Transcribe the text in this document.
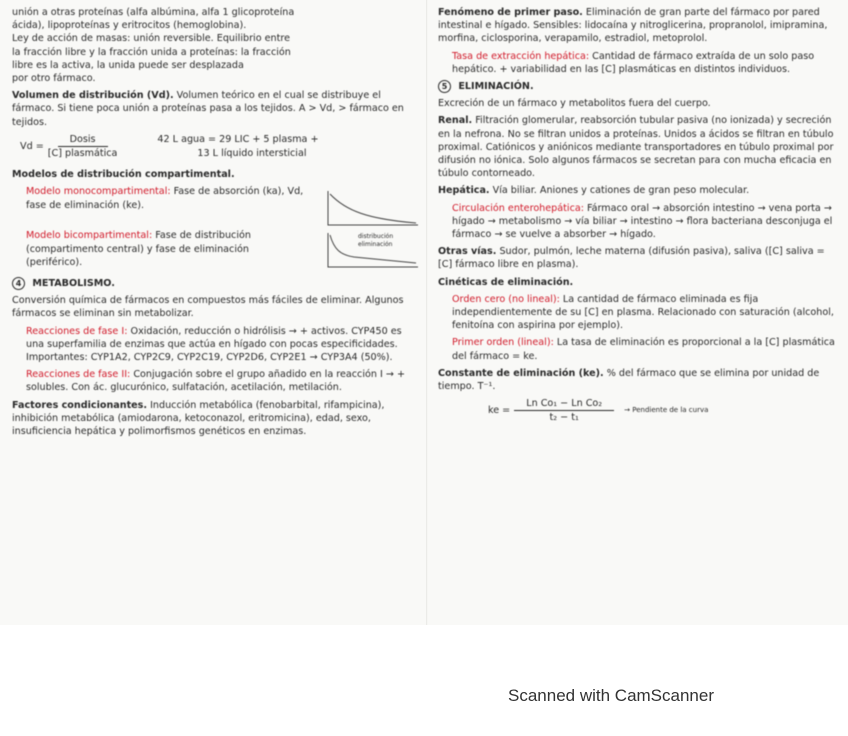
unión a otras proteínas (alfa albúmina, alfa 1 glicoproteína
ácida), lipoproteínas y eritrocitos (hemoglobina).
Ley de acción de masas: unión reversible. Equilibrio entre
la fracción libre y la fracción unida a proteínas: la fracción
libre es la activa, la unida puede ser desplazada
por otro fármaco.

Volumen de distribución (Vd). Volumen teórico en el cual se distribuye el fármaco. Si tiene poca unión a proteínas pasa a los tejidos. A > Vd, > fármaco en tejidos.

$Vd = \frac{\text{Dosis}}{\text{[C] plasmática}}$	42 L agua = 29 LIC + 5 plasma +
13 L líquido intersticial

Modelos de distribución compartimental.

Modelo monocompartimental: Fase de absorción (ka), Vd, fase de eliminación (ke).

Modelo bicompartimental: Fase de distribución (compartimento central) y fase de eliminación (periférico).

distribución
eliminación

4 METABOLISMO.

Conversión química de fármacos en compuestos más fáciles de eliminar. Algunos fármacos se eliminan sin metabolizar.

Reacciones de fase I: Oxidación, reducción o hidrólisis → + activos. CYP450 es una superfamilia de enzimas que actúa en hígado con pocas especificidades. Importantes: CYP1A2, CYP2C9, CYP2C19, CYP2D6, CYP2E1 → CYP3A4 (50%).

Reacciones de fase II: Conjugación sobre el grupo añadido en la reacción I → + solubles. Con ác. glucurónico, sulfatación, acetilación, metilación.

Factores condicionantes. Inducción metabólica (fenobarbital, rifampicina), inhibición metabólica (amiodarona, ketoconazol, eritromicina), edad, sexo, insuficiencia hepática y polimorfismos genéticos en enzimas.

Fenómeno de primer paso. Eliminación de gran parte del fármaco por pared intestinal e hígado. Sensibles: lidocaína y nitroglicerina, propranolol, imipramina, morfina, ciclosporina, verapamilo, estradiol, metoprolol.

Tasa de extracción hepática: Cantidad de fármaco extraída de un solo paso hepático. + variabilidad en las [C] plasmáticas en distintos individuos.

5 ELIMINACIÓN.

Excreción de un fármaco y metabolitos fuera del cuerpo.

Renal. Filtración glomerular, reabsorción tubular pasiva (no ionizada) y secreción en la nefrona. No se filtran unidos a proteínas. Unidos a ácidos se filtran en túbulo proximal. Catiónicos y aniónicos mediante transportadores en túbulo proximal por difusión no iónica. Solo algunos fármacos se secretan para con mucha eficacia en túbulo contorneado.

Hepática. Vía biliar. Aniones y cationes de gran peso molecular.

Circulación enterohepática: Fármaco oral → absorción intestino → vena porta → hígado → metabolismo → vía biliar → intestino → flora bacteriana desconjuga el fármaco → se vuelve a absorber → hígado.

Otras vías. Sudor, pulmón, leche materna (difusión pasiva), saliva ([C] saliva = [C] fármaco libre en plasma).

Cinéticas de eliminación.

Orden cero (no lineal): La cantidad de fármaco eliminada es fija independientemente de su [C] en plasma. Relacionado con saturación (alcohol, fenitoína con aspirina por ejemplo).

Primer orden (lineal): La tasa de eliminación es proporcional a la [C] plasmática del fármaco = ke.

Constante de eliminación (ke). % del fármaco que se elimina por unidad de tiempo. T⁻¹.

ke = $\frac{\text{Ln Co₁ − Ln Co₂}}{\text{t₂ − t₁}}$ → Pendiente de la curva
Scanned with CamScanner
